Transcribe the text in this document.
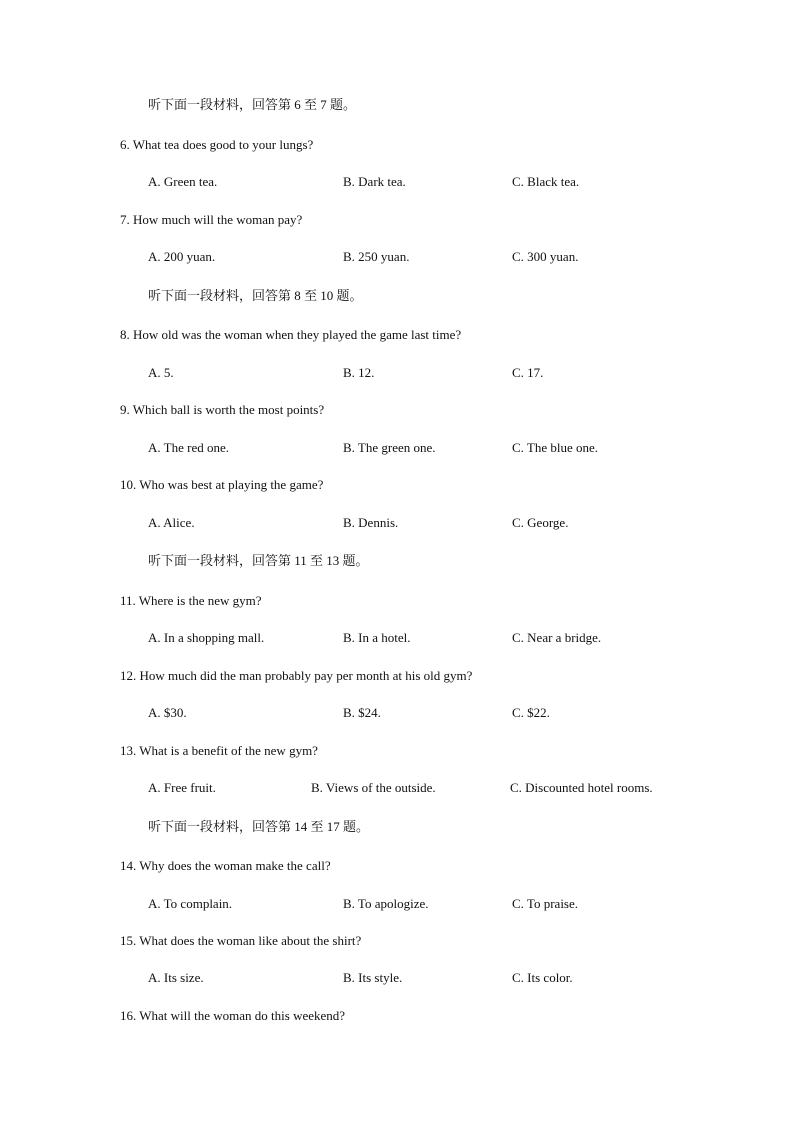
听下面一段材料，回答第 6 至 7 题。
6. What tea does good to your lungs?
A. Green tea.	B. Dark tea.	C. Black tea.
7. How much will the woman pay?
A. 200 yuan.	B. 250 yuan.	C. 300 yuan.
听下面一段材料，回答第 8 至 10 题。
8. How old was the woman when they played the game last time?
A. 5.	B. 12.	C. 17.
9. Which ball is worth the most points?
A. The red one.	B. The green one.	C. The blue one.
10. Who was best at playing the game?
A. Alice.	B. Dennis.	C. George.
听下面一段材料，回答第 11 至 13 题。
11. Where is the new gym?
A. In a shopping mall.	B. In a hotel.	C. Near a bridge.
12. How much did the man probably pay per month at his old gym?
A. $30.	B. $24.	C. $22.
13. What is a benefit of the new gym?
A. Free fruit.	B. Views of the outside.	C. Discounted hotel rooms.
听下面一段材料，回答第 14 至 17 题。
14. Why does the woman make the call?
A. To complain.	B. To apologize.	C. To praise.
15. What does the woman like about the shirt?
A. Its size.	B. Its style.	C. Its color.
16. What will the woman do this weekend?
